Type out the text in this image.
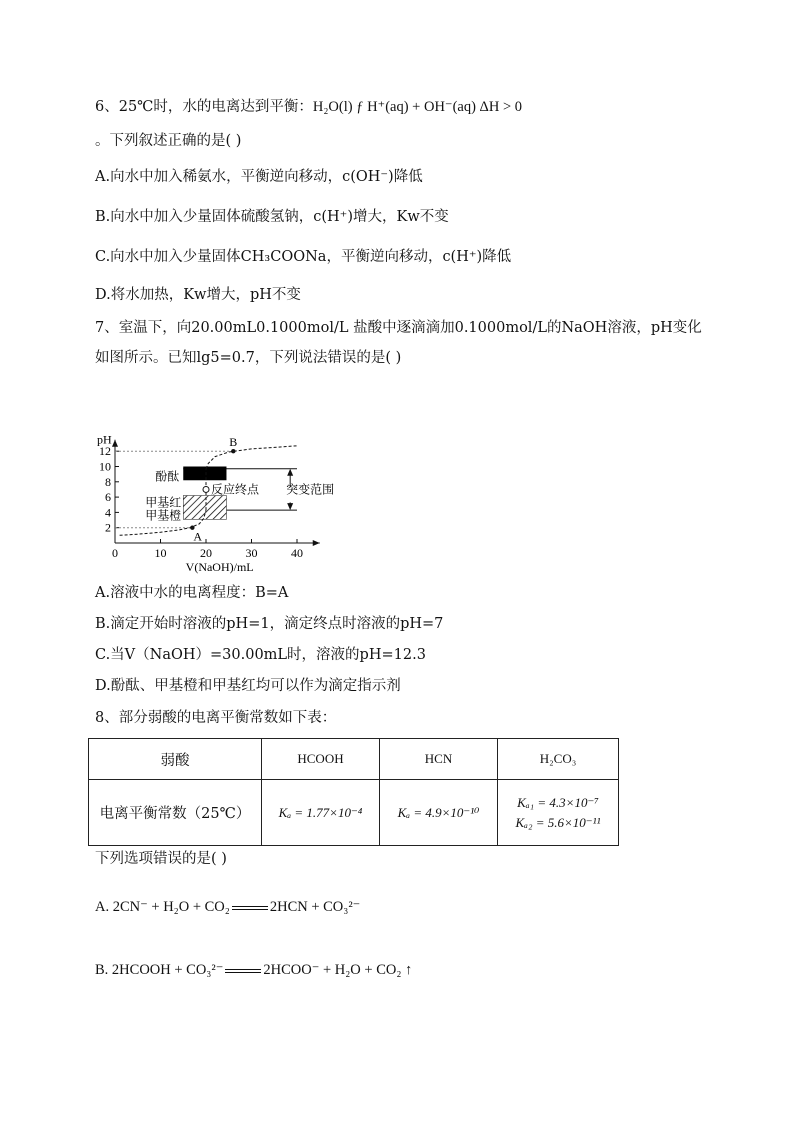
6、25℃时，水的电离达到平衡：H₂O(l) ƒ H⁺(aq) + OH⁻(aq) ΔH > 0
。下列叙述正确的是( )
A.向水中加入稀氨水，平衡逆向移动，c(OH⁻)降低
B.向水中加入少量固体硫酸氢钠，c(H⁺)增大，Kw不变
C.向水中加入少量固体CH₃COONa，平衡逆向移动，c(H⁺)降低
D.将水加热，Kw增大，pH不变
7、室温下，向20.00mL0.1000mol/L 盐酸中逐滴滴加0.1000mol/L的NaOH溶液，pH变化
如图所示。已知lg5=0.7，下列说法错误的是( )
pH
V(NaOH)/mL
0	10	20	30	40
2
4
6
8
10
12
突变范围
酚酞
甲基红
甲基橙
A
B
反应终点
A.溶液中水的电离程度：B=A
B.滴定开始时溶液的pH=1，滴定终点时溶液的pH=7
C.当V（NaOH）=30.00mL时，溶液的pH=12.3
D.酚酞、甲基橙和甲基红均可以作为滴定指示剂
8、部分弱酸的电离平衡常数如下表：
弱酸	HCOOH	HCN	H₂CO₃
电离平衡常数（25℃）	Kₐ = 1.77×10⁻⁴	Kₐ = 4.9×10⁻¹⁰	Kₐ₁ = 4.3×10⁻⁷
Kₐ₂ = 5.6×10⁻¹¹
下列选项错误的是( )
A. 2CN⁻ + H₂O + CO₂	2HCN + CO₃²⁻
B. 2HCOOH + CO₃²⁻	2HCOO⁻ + H₂O + CO₂ ↑
